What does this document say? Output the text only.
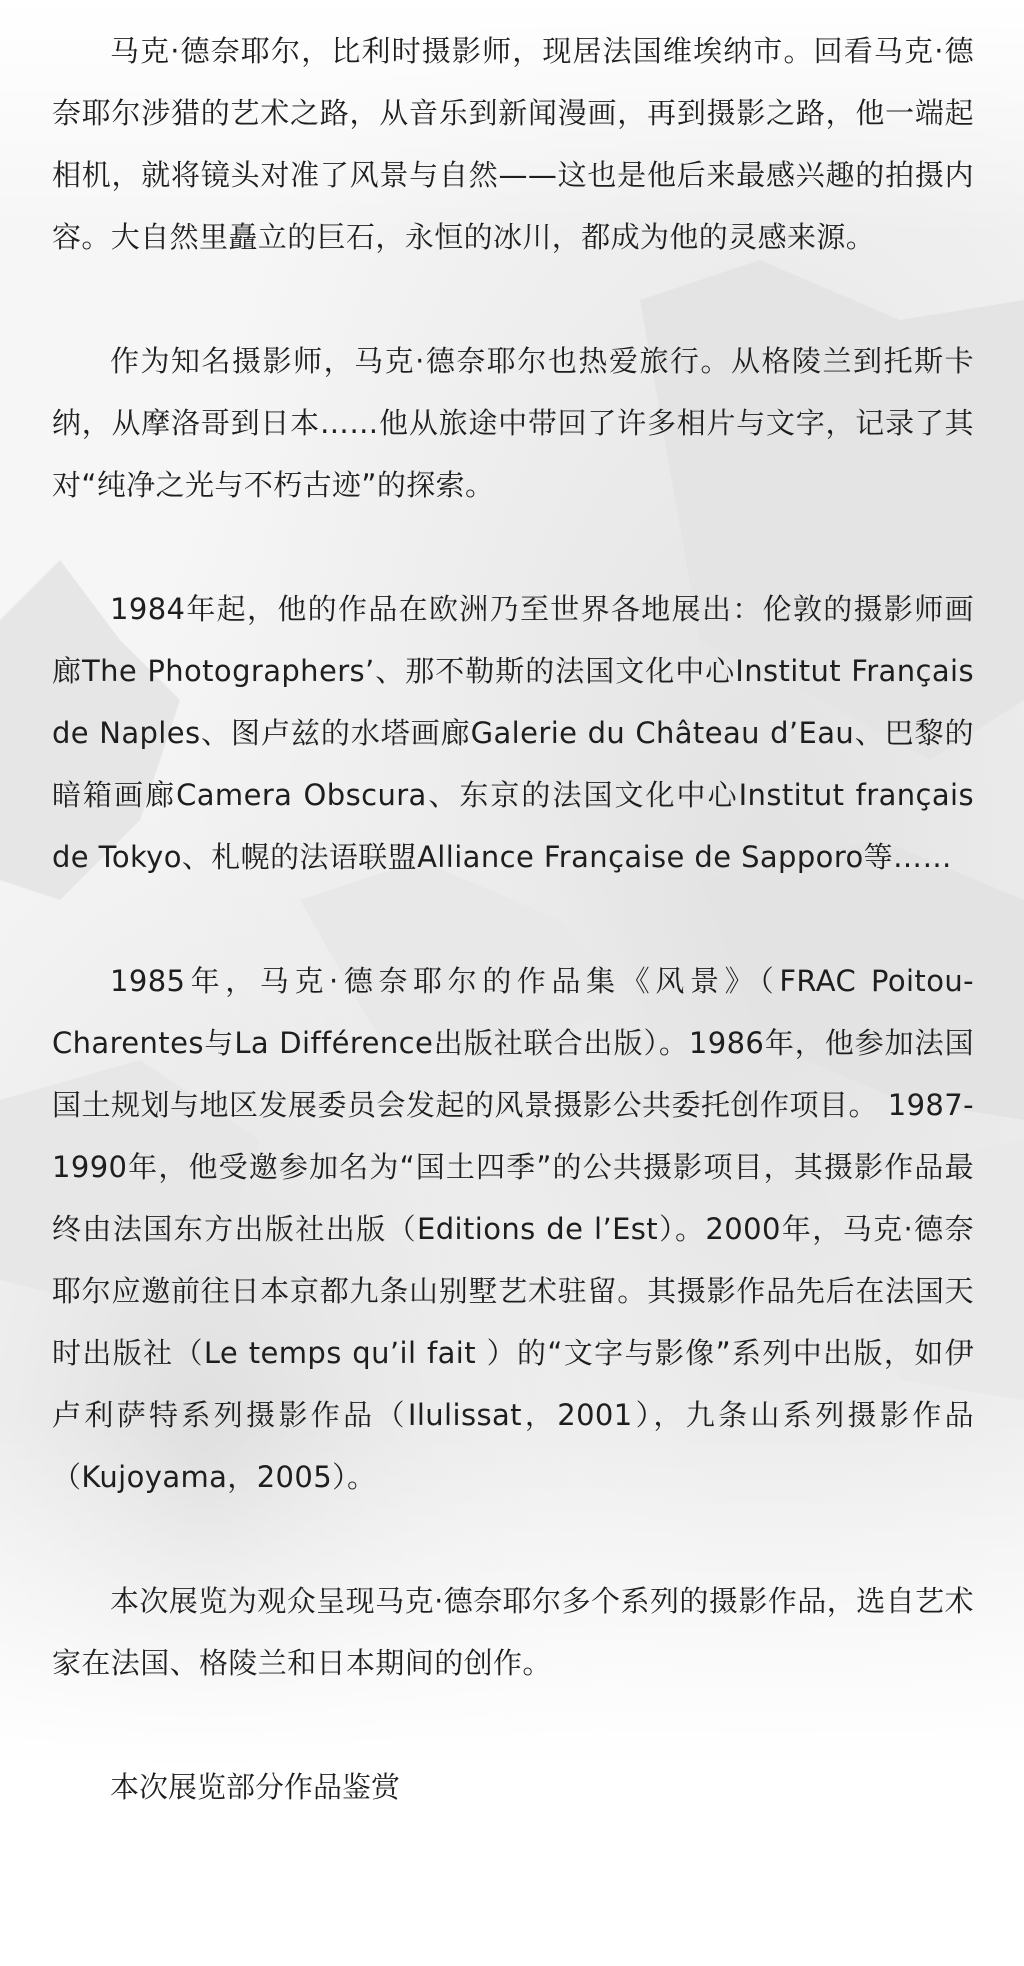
马克·德奈耶尔，比利时摄影师，现居法国维埃纳市。回看马克·德奈耶尔涉猎的艺术之路，从音乐到新闻漫画，再到摄影之路，他一端起相机，就将镜头对准了风景与自然——这也是他后来最感兴趣的拍摄内容。大自然里矗立的巨石，永恒的冰川，都成为他的灵感来源。

作为知名摄影师，马克·德奈耶尔也热爱旅行。从格陵兰到托斯卡纳，从摩洛哥到日本……他从旅途中带回了许多相片与文字，记录了其对“纯净之光与不朽古迹”的探索。

1984年起，他的作品在欧洲乃至世界各地展出：伦敦的摄影师画廊The Photographers’、那不勒斯的法国文化中心Institut Français de Naples、图卢兹的水塔画廊Galerie du Château d’Eau、巴黎的暗箱画廊Camera Obscura、东京的法国文化中心Institut français de Tokyo、札幌的法语联盟Alliance Française de Sapporo等……

1985年，马克·德奈耶尔的作品集《风景》（FRAC Poitou-Charentes与La Différence出版社联合出版）。1986年，他参加法国国土规划与地区发展委员会发起的风景摄影公共委托创作项目。 1987-1990年，他受邀参加名为“国土四季”的公共摄影项目，其摄影作品最终由法国东方出版社出版（Editions de l’Est）。2000年，马克·德奈耶尔应邀前往日本京都九条山别墅艺术驻留。其摄影作品先后在法国天时出版社（Le temps qu’il fait ）的“文字与影像”系列中出版，如伊卢利萨特系列摄影作品（Ilulissat，2001），九条山系列摄影作品（Kujoyama，2005）。

本次展览为观众呈现马克·德奈耶尔多个系列的摄影作品，选自艺术家在法国、格陵兰和日本期间的创作。

本次展览部分作品鉴赏
